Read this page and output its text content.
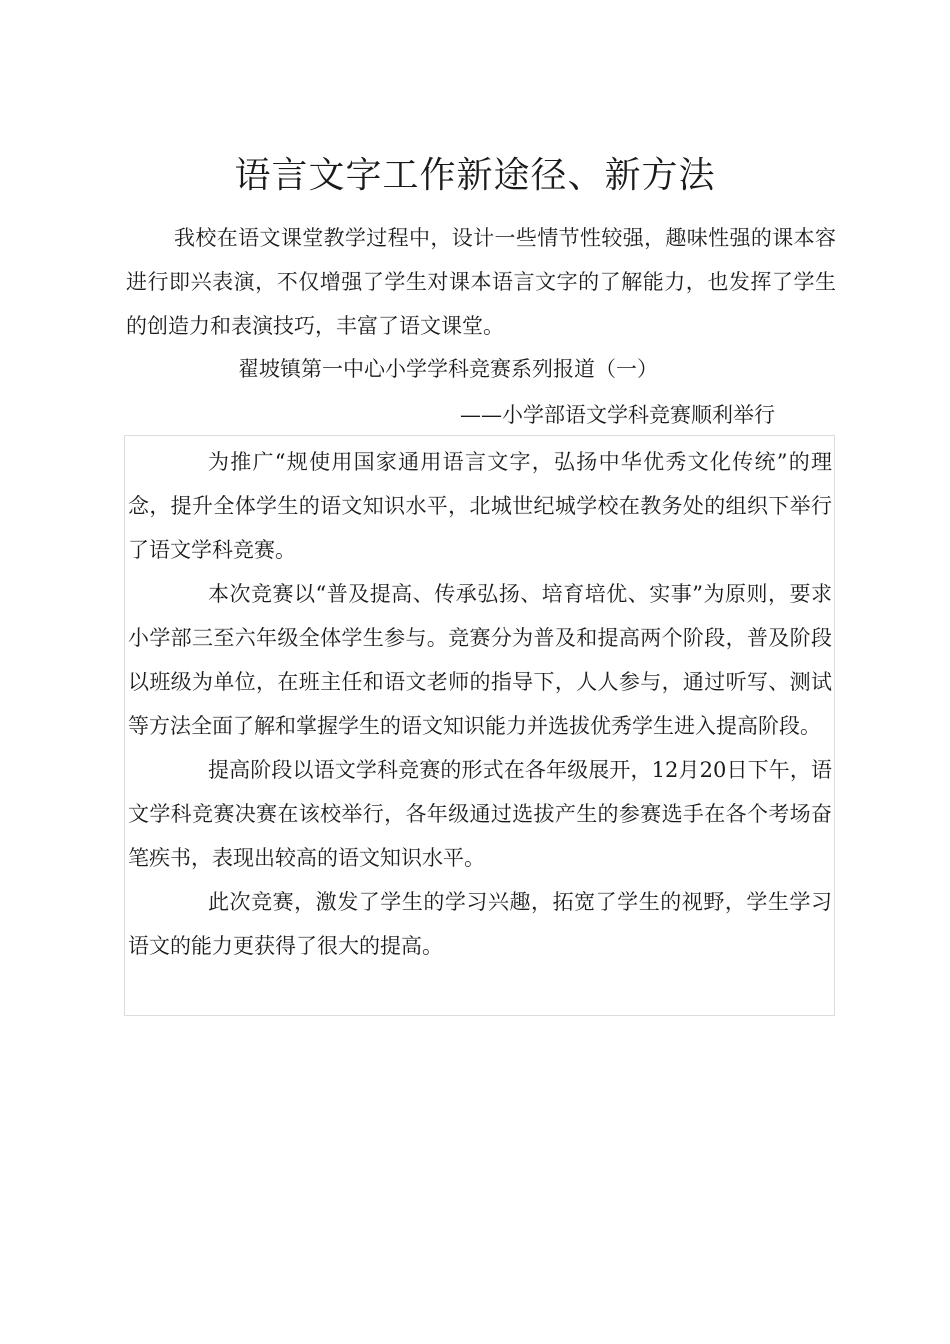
语言文字工作新途径、新方法

我校在语文课堂教学过程中，设计一些情节性较强，趣味性强的课本容进行即兴表演，不仅增强了学生对课本语言文字的了解能力，也发挥了学生的创造力和表演技巧，丰富了语文课堂。

翟坡镇第一中心小学学科竞赛系列报道（一）

——小学部语文学科竞赛顺利举行

为推广“规使用国家通用语言文字，弘扬中华优秀文化传统”的理念，提升全体学生的语文知识水平，北城世纪城学校在教务处的组织下举行了语文学科竞赛。

本次竞赛以“普及提高、传承弘扬、培育培优、实事”为原则，要求小学部三至六年级全体学生参与。竞赛分为普及和提高两个阶段，普及阶段以班级为单位，在班主任和语文老师的指导下，人人参与，通过听写、测试等方法全面了解和掌握学生的语文知识能力并选拔优秀学生进入提高阶段。

提高阶段以语文学科竞赛的形式在各年级展开，12月20日下午，语文学科竞赛决赛在该校举行，各年级通过选拔产生的参赛选手在各个考场奋笔疾书，表现出较高的语文知识水平。

此次竞赛，激发了学生的学习兴趣，拓宽了学生的视野，学生学习语文的能力更获得了很大的提高。
